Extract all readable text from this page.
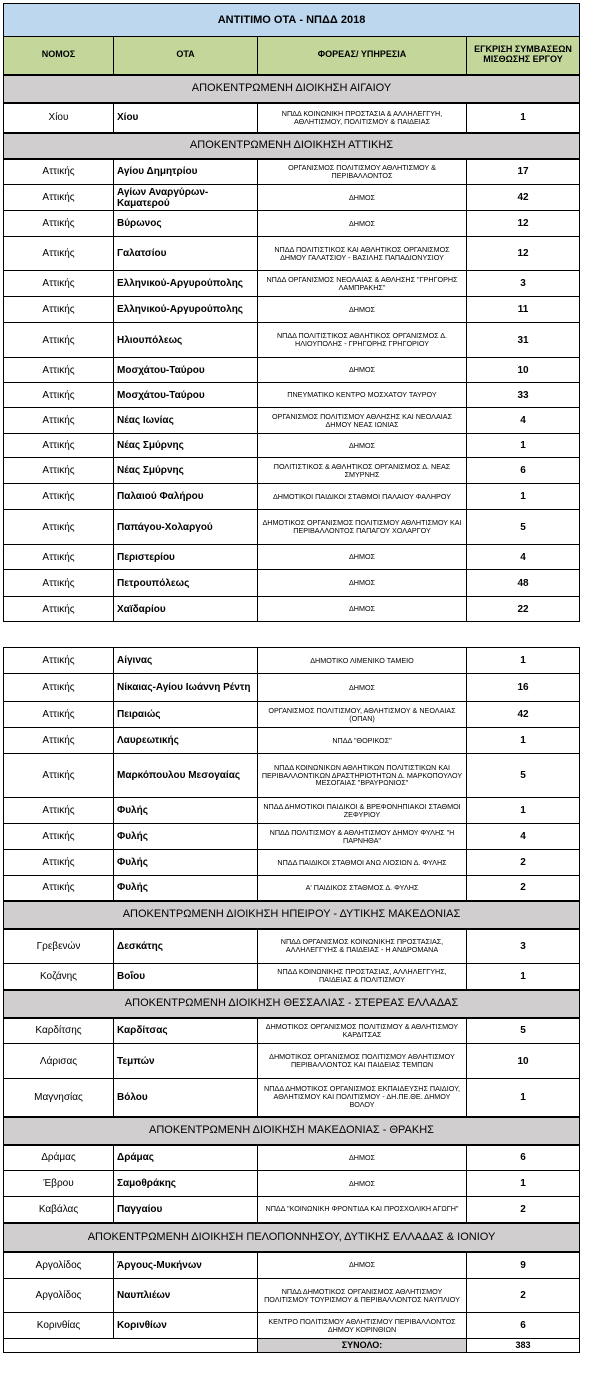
ΑΝΤΙΤΙΜΟ ΟΤΑ - ΝΠΔΔ 2018			
ΝΟΜΟΣ	ΟΤΑ	ΦΟΡΕΑΣ/ ΥΠΗΡΕΣΙΑ	ΕΓΚΡΙΣΗ ΣΥΜΒΑΣΕΩΝ ΜΙΣΘΩΣΗΣ ΕΡΓΟΥ
ΑΠΟΚΕΝΤΡΩΜΕΝΗ ΔΙΟΙΚΗΣΗ ΑΙΓΑΙΟΥ			
Χίου	Χίου	ΝΠΔΔ ΚΟΙΝΩΝΙΚΗ ΠΡΟΣΤΑΣΙΑ & ΑΛΛΗΛΕΓΓΥΗ, ΑΘΛΗΤΙΣΜΟΥ, ΠΟΛΙΤΙΣΜΟΥ & ΠΑΙΔΕΙΑΣ	1
ΑΠΟΚΕΝΤΡΩΜΕΝΗ ΔΙΟΙΚΗΣΗ ΑΤΤΙΚΗΣ			
Αττικής	Αγίου Δημητρίου	ΟΡΓΑΝΙΣΜΟΣ ΠΟΛΙΤΙΣΜΟΥ ΑΘΛΗΤΙΣΜΟΥ & ΠΕΡΙΒΑΛΛΟΝΤΟΣ	17
Αττικής	Αγίων Αναργύρων-Καματερού	ΔΗΜΟΣ	42
Αττικής	Βύρωνος	ΔΗΜΟΣ	12
Αττικής	Γαλατσίου	ΝΠΔΔ ΠΟΛΙΤΙΣΤΙΚΟΣ ΚΑΙ ΑΘΛΗΤΙΚΟΣ ΟΡΓΑΝΙΣΜΟΣ ΔΗΜΟΥ ΓΑΛΑΤΣΙΟΥ - ΒΑΣΙΛΗΣ ΠΑΠΑΔΙΟΝΥΣΙΟΥ	12
Αττικής	Ελληνικού-Αργυρούπολης	ΝΠΔΔ ΟΡΓΑΝΙΣΜΟΣ ΝΕΟΛΑΙΑΣ & ΑΘΛΗΣΗΣ "ΓΡΗΓΟΡΗΣ ΛΑΜΠΡΑΚΗΣ"	3
Αττικής	Ελληνικού-Αργυρούπολης	ΔΗΜΟΣ	11
Αττικής	Ηλιουπόλεως	ΝΠΔΔ ΠΟΛΙΤΙΣΤΙΚΟΣ ΑΘΛΗΤΙΚΟΣ ΟΡΓΑΝΙΣΜΟΣ Δ. ΗΛΙΟΥΠΟΛΗΣ - ΓΡΗΓΟΡΗΣ ΓΡΗΓΟΡΙΟΥ	31
Αττικής	Μοσχάτου-Ταύρου	ΔΗΜΟΣ	10
Αττικής	Μοσχάτου-Ταύρου	ΠΝΕΥΜΑΤΙΚΟ ΚΕΝΤΡΟ ΜΟΣΧΑΤΟΥ ΤΑΥΡΟΥ	33
Αττικής	Νέας Ιωνίας	ΟΡΓΑΝΙΣΜΟΣ ΠΟΛΙΤΙΣΜΟΥ ΑΘΛΗΣΗΣ ΚΑΙ ΝΕΟΛΑΙΑΣ ΔΗΜΟΥ ΝΕΑΣ ΙΩΝΙΑΣ	4
Αττικής	Νέας Σμύρνης	ΔΗΜΟΣ	1
Αττικής	Νέας Σμύρνης	ΠΟΛΙΤΙΣΤΙΚΟΣ & ΑΘΛΗΤΙΚΟΣ ΟΡΓΑΝΙΣΜΟΣ Δ. ΝΕΑΣ ΣΜΥΡΝΗΣ	6
Αττικής	Παλαιού Φαλήρου	ΔΗΜΟΤΙΚΟΙ ΠΑΙΔΙΚΟΙ ΣΤΑΘΜΟΙ ΠΑΛΑΙΟΥ ΦΑΛΗΡΟΥ	1
Αττικής	Παπάγου-Χολαργού	ΔΗΜΟΤΙΚΟΣ ΟΡΓΑΝΙΣΜΟΣ ΠΟΛΙΤΙΣΜΟΥ ΑΘΛΗΤΙΣΜΟΥ ΚΑΙ ΠΕΡΙΒΑΛΛΟΝΤΟΣ ΠΑΠΑΓΟΥ ΧΟΛΑΡΓΟΥ	5
Αττικής	Περιστερίου	ΔΗΜΟΣ	4
Αττικής	Πετρουπόλεως	ΔΗΜΟΣ	48
Αττικής	Χαϊδαρίου	ΔΗΜΟΣ	22
Αττικής	Αίγινας	ΔΗΜΟΤΙΚΟ ΛΙΜΕΝΙΚΟ ΤΑΜΕΙΟ	1
Αττικής	Νίκαιας-Αγίου Ιωάννη Ρέντη	ΔΗΜΟΣ	16
Αττικής	Πειραιώς	ΟΡΓΑΝΙΣΜΟΣ ΠΟΛΙΤΙΣΜΟΥ, ΑΘΛΗΤΙΣΜΟΥ & ΝΕΟΛΑΙΑΣ (ΟΠΑΝ)	42
Αττικής	Λαυρεωτικής	ΝΠΔΔ "ΘΟΡΙΚΟΣ"	1
Αττικής	Μαρκόπουλου Μεσογαίας	ΝΠΔΔ ΚΟΙΝΩΝΙΚΩΝ ΑΘΛΗΤΙΚΩΝ ΠΟΛΙΤΙΣΤΙΚΩΝ ΚΑΙ ΠΕΡΙΒΑΛΛΟΝΤΙΚΩΝ ΔΡΑΣΤΗΡΙΟΤΗΤΩΝ Δ. ΜΑΡΚΟΠΟΥΛΟΥ ΜΕΣΟΓΑΙΑΣ "ΒΡΑΥΡΩΝΙΟΣ"	5
Αττικής	Φυλής	ΝΠΔΔ ΔΗΜΟΤΙΚΟΙ ΠΑΙΔΙΚΟΙ & ΒΡΕΦΟΝΗΠΙΑΚΟΙ ΣΤΑΘΜΟΙ ΖΕΦΥΡΙΟΥ	1
Αττικής	Φυλής	ΝΠΔΔ ΠΟΛΙΤΙΣΜΟΥ & ΑΘΛΗΤΙΣΜΟΥ ΔΗΜΟΥ ΦΥΛΗΣ "Η ΠΑΡΝΗΘΑ"	4
Αττικής	Φυλής	ΝΠΔΔ ΠΑΙΔΙΚΟΙ ΣΤΑΘΜΟΙ ΑΝΩ ΛΙΟΣΙΩΝ Δ. ΦΥΛΗΣ	2
Αττικής	Φυλής	Α' ΠΑΙΔΙΚΟΣ ΣΤΑΘΜΟΣ Δ. ΦΥΛΗΣ	2
ΑΠΟΚΕΝΤΡΩΜΕΝΗ ΔΙΟΙΚΗΣΗ ΗΠΕΙΡΟΥ - ΔΥΤΙΚΗΣ ΜΑΚΕΔΟΝΙΑΣ			
Γρεβενών	Δεσκάτης	ΝΠΔΔ ΟΡΓΑΝΙΣΜΟΣ ΚΟΙΝΩΝΙΚΗΣ ΠΡΟΣΤΑΣΙΑΣ, ΑΛΛΗΛΕΓΓΥΗΣ & ΠΑΙΔΕΙΑΣ - Η ΑΝΔΡΟΜΑΝΑ	3
Κοζάνης	Βοΐου	ΝΠΔΔ ΚΟΙΝΩΝΙΚΗΣ ΠΡΟΣΤΑΣΙΑΣ, ΑΛΛΗΛΕΓΓΥΗΣ, ΠΑΙΔΕΙΑΣ & ΠΟΛΙΤΙΣΜΟΥ	1
ΑΠΟΚΕΝΤΡΩΜΕΝΗ ΔΙΟΙΚΗΣΗ ΘΕΣΣΑΛΙΑΣ - ΣΤΕΡΕΑΣ ΕΛΛΑΔΑΣ			
Καρδίτσης	Καρδίτσας	ΔΗΜΟΤΙΚΟΣ ΟΡΓΑΝΙΣΜΟΣ ΠΟΛΙΤΙΣΜΟΥ & ΑΘΛΗΤΙΣΜΟΥ ΚΑΡΔΙΤΣΑΣ	5
Λάρισας	Τεμπών	ΔΗΜΟΤΙΚΟΣ ΟΡΓΑΝΙΣΜΟΣ ΠΟΛΙΤΙΣΜΟΥ ΑΘΛΗΤΙΣΜΟΥ ΠΕΡΙΒΑΛΛΟΝΤΟΣ ΚΑΙ ΠΑΙΔΕΙΑΣ ΤΕΜΠΩΝ	10
Μαγνησίας	Βόλου	ΝΠΔΔ ΔΗΜΟΤΙΚΟΣ ΟΡΓΑΝΙΣΜΟΣ ΕΚΠΑΙΔΕΥΣΗΣ ΠΑΙΔΙΟΥ, ΑΘΛΗΤΙΣΜΟΥ ΚΑΙ ΠΟΛΙΤΙΣΜΟΥ - ΔΗ.ΠΕ.ΘΕ. ΔΗΜΟΥ ΒΟΛΟΥ	1
ΑΠΟΚΕΝΤΡΩΜΕΝΗ ΔΙΟΙΚΗΣΗ ΜΑΚΕΔΟΝΙΑΣ - ΘΡΑΚΗΣ			
Δράμας	Δράμας	ΔΗΜΟΣ	6
Έβρου	Σαμοθράκης	ΔΗΜΟΣ	1
Καβάλας	Παγγαίου	ΝΠΔΔ "ΚΟΙΝΩΝΙΚΗ ΦΡΟΝΤΙΔΑ ΚΑΙ ΠΡΟΣΧΟΛΙΚΗ ΑΓΩΓΗ"	2
ΑΠΟΚΕΝΤΡΩΜΕΝΗ ΔΙΟΙΚΗΣΗ ΠΕΛΟΠΟΝΝΗΣΟΥ, ΔΥΤΙΚΗΣ ΕΛΛΑΔΑΣ & ΙΟΝΙΟΥ			
Αργολίδος	Άργους-Μυκήνων	ΔΗΜΟΣ	9
Αργολίδος	Ναυπλιέων	ΝΠΔΔ ΔΗΜΟΤΙΚΟΣ ΟΡΓΑΝΙΣΜΟΣ ΑΘΛΗΤΙΣΜΟΥ ΠΟΛΙΤΙΣΜΟΥ ΤΟΥΡΙΣΜΟΥ & ΠΕΡΙΒΑΛΛΟΝΤΟΣ ΝΑΥΠΛΙΟΥ	2
Κορινθίας	Κορινθίων	ΚΕΝΤΡΟ ΠΟΛΙΤΙΣΜΟΥ ΑΘΛΗΤΙΣΜΟΥ ΠΕΡΙΒΑΛΛΟΝΤΟΣ ΔΗΜΟΥ ΚΟΡΙΝΘΙΩΝ	6
		ΣΥΝΟΛΟ:	383
